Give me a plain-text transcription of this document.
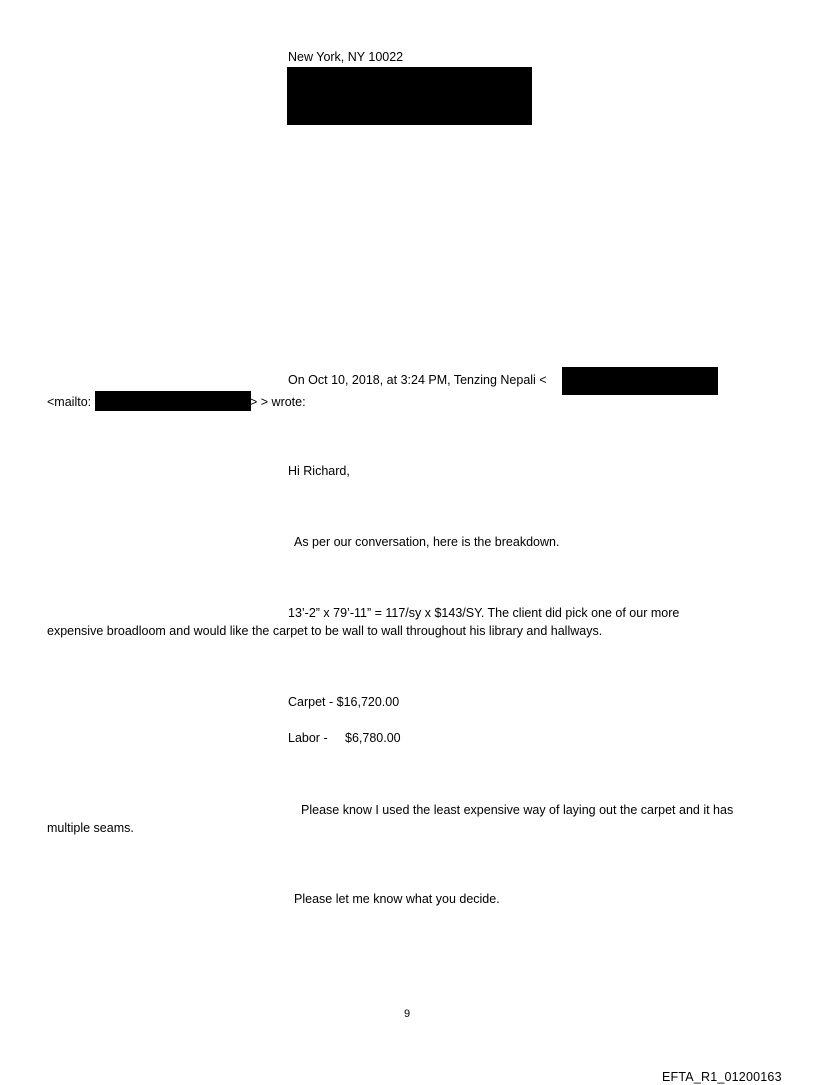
New York, NY 10022

On Oct 10, 2018, at 3:24 PM, Tenzing Nepali <

<mailto:	> > wrote:

Hi Richard,

As per our conversation, here is the breakdown.

13’-2” x 79’-11” = 117/sy x $143/SY. The client did pick one of our more

expensive broadloom and would like the carpet to be wall to wall throughout his library and hallways.

Carpet - $16,720.00

Labor - $6,780.00

Please know I used the least expensive way of laying out the carpet and it has

multiple seams.

Please let me know what you decide.

9

EFTA_R1_01200163
